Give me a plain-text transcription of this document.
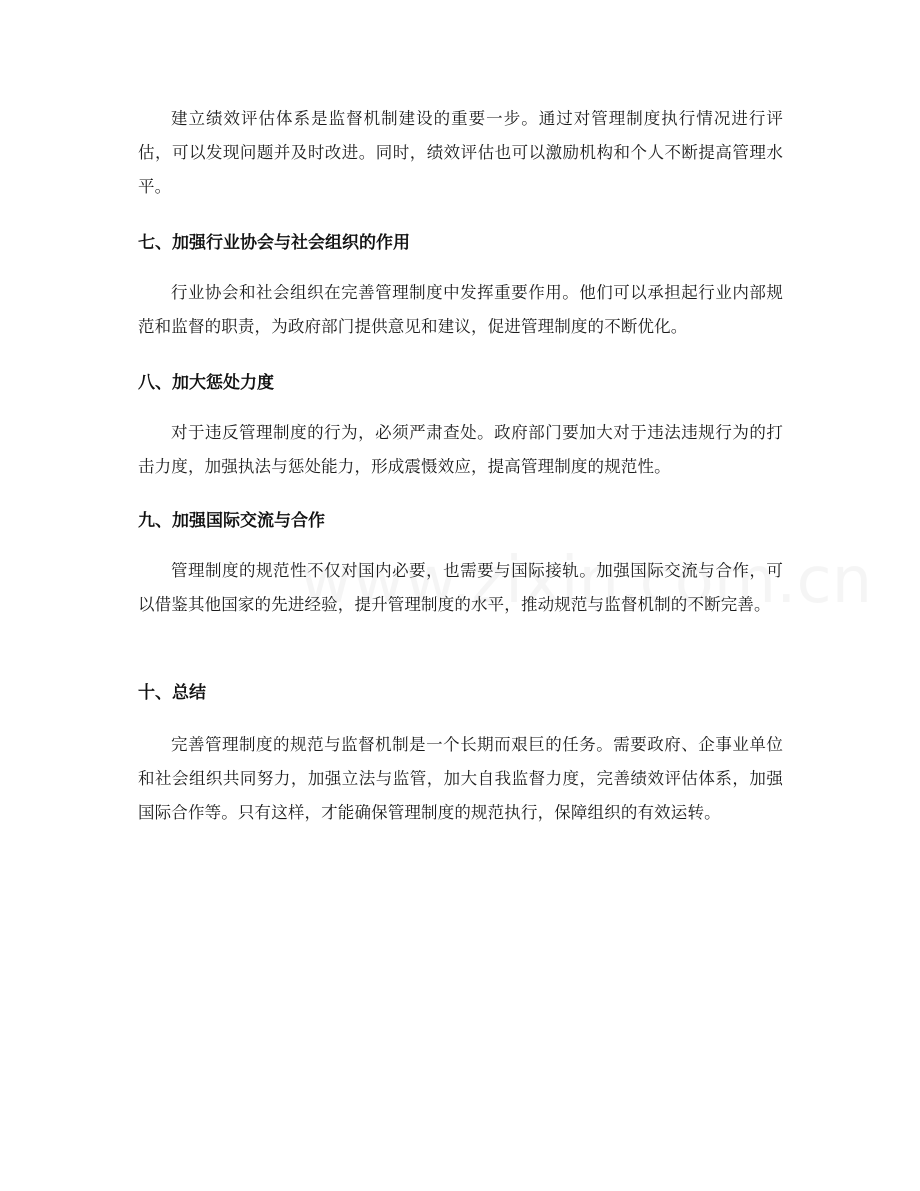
建立绩效评估体系是监督机制建设的重要一步。通过对管理制度执行情况进行评估，可以发现问题并及时改进。同时，绩效评估也可以激励机构和个人不断提高管理水平。
七、加强行业协会与社会组织的作用
行业协会和社会组织在完善管理制度中发挥重要作用。他们可以承担起行业内部规范和监督的职责，为政府部门提供意见和建议，促进管理制度的不断优化。
八、加大惩处力度
对于违反管理制度的行为，必须严肃查处。政府部门要加大对于违法违规行为的打击力度，加强执法与惩处能力，形成震慑效应，提高管理制度的规范性。
九、加强国际交流与合作
管理制度的规范性不仅对国内必要，也需要与国际接轨。加强国际交流与合作，可以借鉴其他国家的先进经验，提升管理制度的水平，推动规范与监督机制的不断完善。
十、总结
完善管理制度的规范与监督机制是一个长期而艰巨的任务。需要政府、企事业单位和社会组织共同努力，加强立法与监管，加大自我监督力度，完善绩效评估体系，加强国际合作等。只有这样，才能确保管理制度的规范执行，保障组织的有效运转。
